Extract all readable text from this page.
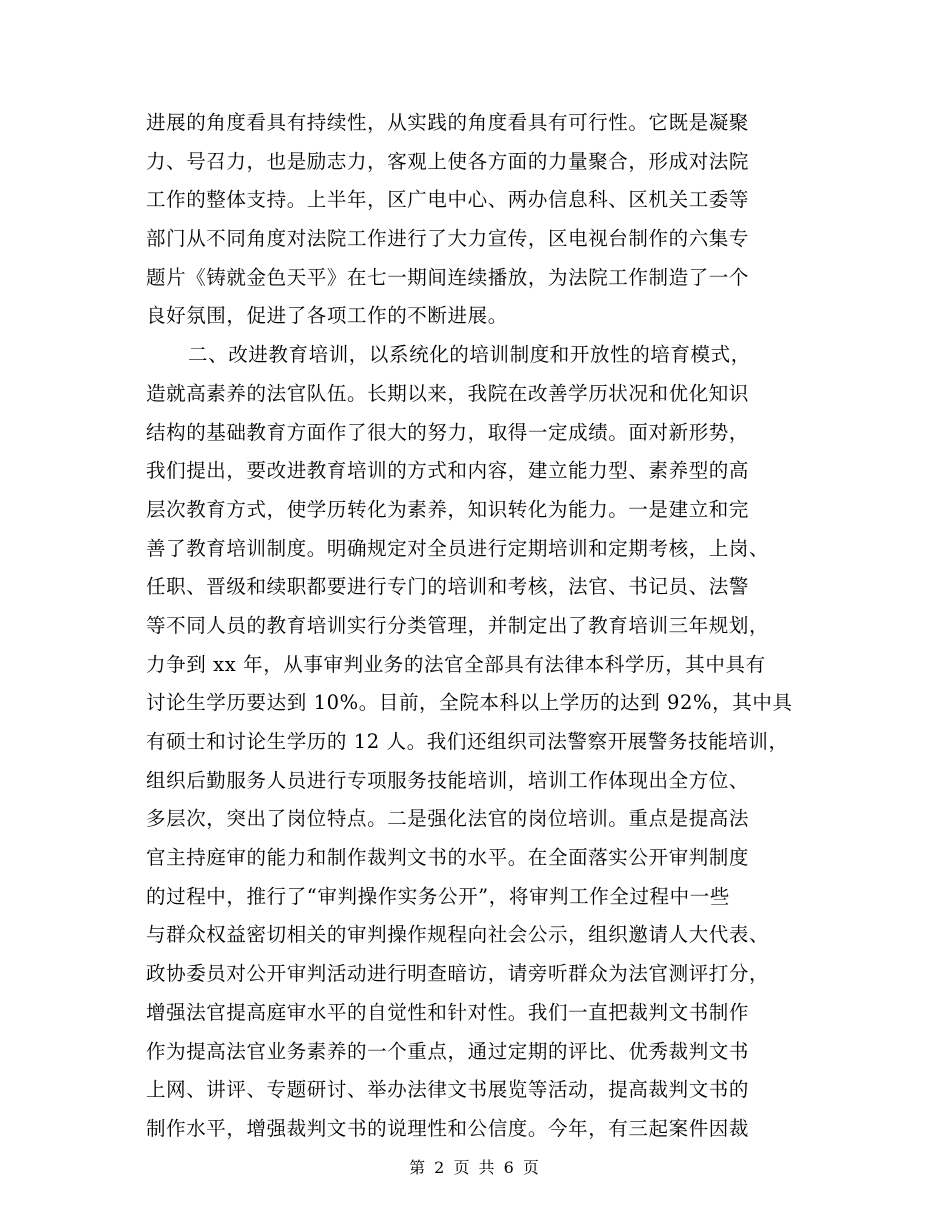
进展的角度看具有持续性，从实践的角度看具有可行性。它既是凝聚
力、号召力，也是励志力，客观上使各方面的力量聚合，形成对法院
工作的整体支持。上半年，区广电中心、两办信息科、区机关工委等
部门从不同角度对法院工作进行了大力宣传，区电视台制作的六集专
题片《铸就金色天平》在七一期间连续播放，为法院工作制造了一个
良好氛围，促进了各项工作的不断进展。
二、改进教育培训，以系统化的培训制度和开放性的培育模式，
造就高素养的法官队伍。长期以来，我院在改善学历状况和优化知识
结构的基础教育方面作了很大的努力，取得一定成绩。面对新形势，
我们提出，要改进教育培训的方式和内容，建立能力型、素养型的高
层次教育方式，使学历转化为素养，知识转化为能力。一是建立和完
善了教育培训制度。明确规定对全员进行定期培训和定期考核，上岗、
任职、晋级和续职都要进行专门的培训和考核，法官、书记员、法警
等不同人员的教育培训实行分类管理，并制定出了教育培训三年规划，
力争到 xx 年，从事审判业务的法官全部具有法律本科学历，其中具有
讨论生学历要达到 10%。目前，全院本科以上学历的达到 92%，其中具
有硕士和讨论生学历的 12 人。我们还组织司法警察开展警务技能培训，
组织后勤服务人员进行专项服务技能培训，培训工作体现出全方位、
多层次，突出了岗位特点。二是强化法官的岗位培训。重点是提高法
官主持庭审的能力和制作裁判文书的水平。在全面落实公开审判制度
的过程中，推行了“审判操作实务公开”，将审判工作全过程中一些
与群众权益密切相关的审判操作规程向社会公示，组织邀请人大代表、
政协委员对公开审判活动进行明查暗访，请旁听群众为法官测评打分，
增强法官提高庭审水平的自觉性和针对性。我们一直把裁判文书制作
作为提高法官业务素养的一个重点，通过定期的评比、优秀裁判文书
上网、讲评、专题研讨、举办法律文书展览等活动，提高裁判文书的
制作水平，增强裁判文书的说理性和公信度。今年，有三起案件因裁
第 2 页 共 6 页
